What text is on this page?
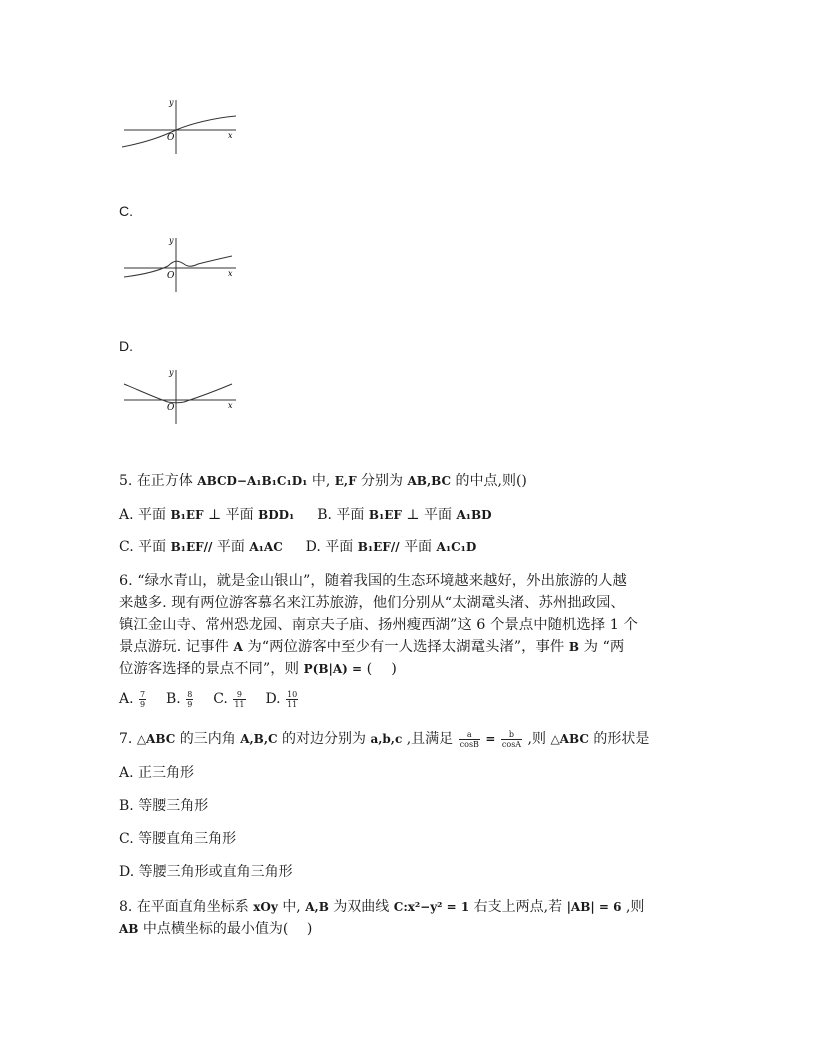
y
x
O
C.
y
x
O
D.
y
x
O
5. 在正方体 ABCD−A₁B₁C₁D₁ 中, E,F 分别为 AB,BC 的中点,则()
A. 平面 B₁EF ⊥ 平面 BDD₁ B. 平面 B₁EF ⊥ 平面 A₁BD
C. 平面 B₁EF// 平面 A₁AC D. 平面 B₁EF// 平面 A₁C₁D
6. “绿水青山，就是金山银山”，随着我国的生态环境越来越好，外出旅游的人越
来越多. 现有两位游客慕名来江苏旅游，他们分别从“太湖鼋头渚、苏州拙政园、
镇江金山寺、常州恐龙园、南京夫子庙、扬州瘦西湖”这 6 个景点中随机选择 1 个
景点游玩. 记事件 A 为“两位游客中至少有一人选择太湖鼋头渚”，事件 B 为 “两
位游客选择的景点不同”，则 P(B|A) = (　 )
A. $\frac{7}{9} B$. $\frac{8}{9} C$. $\frac{9}{11} D$. $\frac{10}{11}$
7. △ABC 的三内角 A,B,C 的对边分别为 a,b,c ,且满足 $\frac{a}{\cos B} = \frac{b}{\cos A}$ ,则 △ABC 的形状是
A. 正三角形
B. 等腰三角形
C. 等腰直角三角形
D. 等腰三角形或直角三角形
8. 在平面直角坐标系 xOy 中, A,B 为双曲线 C:x²−y² = 1 右支上两点,若 |AB| = 6 ,则
AB 中点横坐标的最小值为(　 )
